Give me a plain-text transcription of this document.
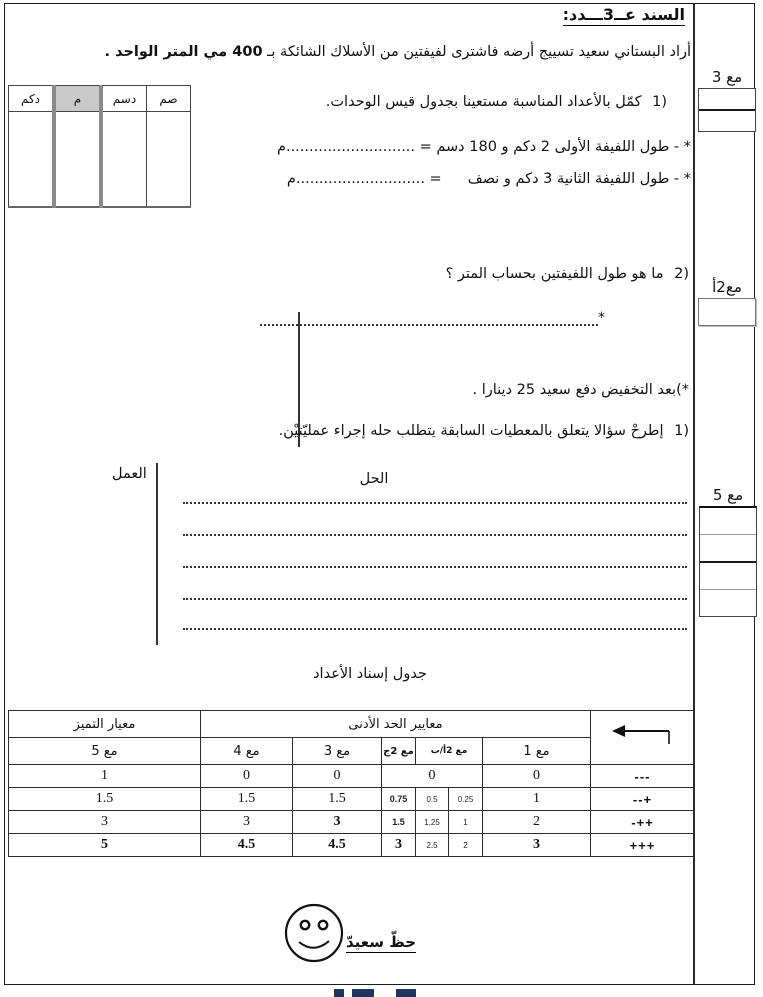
السند عــ3ـــدد:
أراد البستاني سعيد تسييج أرضه فاشترى لفيفتين من الأسلاك الشائكة بـ 400 مي المتر الواحد .
صم	دسم	م	دكم
				1) كمّل بالأعداد المناسبة مستعينا بجدول قيس الوحدات.
* - طول اللفيفة الأولى 2 دكم و 180 دسم = ............................م
* - طول اللفيفة الثانية 3 دكم و نصف= ............................م
2) ما هو طول اللفيفتين بحساب المتر ؟
*
*)بعد التخفيض دفع سعيد 25 دينارا .
1) إطرحْ سؤالا يتعلق بالمعطيات السابقة يتطلب حله إجراء عمليّتيْن.
الحل
العمل
مع 3
مع2أ
مع 5
جدول إسناد الأعداد
	معايير الحد الأدنى						معيار التميز
	مع 1	مع 2أ/ب		مع 2ج	مع 3	مع 4	مع 5
---	0	0			0	0	1
+--	1	0.25	0.5	0.75	1.5	1.5	1.5
++-	2	1	1.25	1.5	3	3	3
+++	3	2	2.5	3	4.5	4.5	5
حظّ سعيدّ
